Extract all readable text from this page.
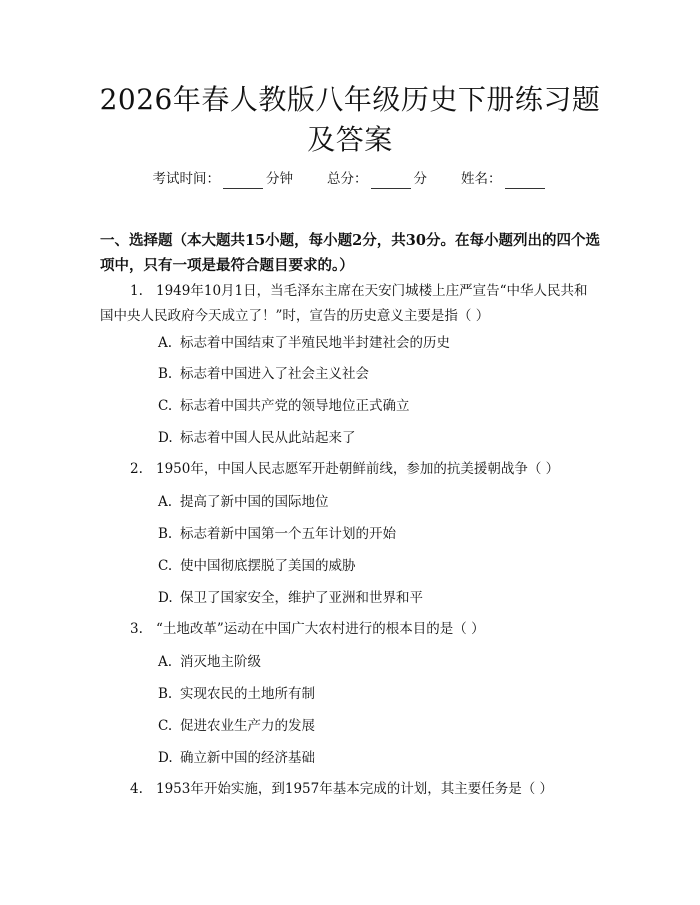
2026年春人教版八年级历史下册练习题及答案
考试时间：	分钟	总分：	分	姓名：
一、选择题（本大题共15小题，每小题2分，共30分。在每小题列出的四个选项中，只有一项是最符合题目要求的。）
1. 1949年10月1日，当毛泽东主席在天安门城楼上庄严宣告“中华人民共和国中央人民政府今天成立了！”时，宣告的历史意义主要是指（ ）
A. 标志着中国结束了半殖民地半封建社会的历史
B. 标志着中国进入了社会主义社会
C. 标志着中国共产党的领导地位正式确立
D. 标志着中国人民从此站起来了
2. 1950年，中国人民志愿军开赴朝鲜前线，参加的抗美援朝战争（ ）
A. 提高了新中国的国际地位
B. 标志着新中国第一个五年计划的开始
C. 使中国彻底摆脱了美国的威胁
D. 保卫了国家安全，维护了亚洲和世界和平
3. “土地改革”运动在中国广大农村进行的根本目的是（ ）
A. 消灭地主阶级
B. 实现农民的土地所有制
C. 促进农业生产力的发展
D. 确立新中国的经济基础
4. 1953年开始实施，到1957年基本完成的计划，其主要任务是（ ）
